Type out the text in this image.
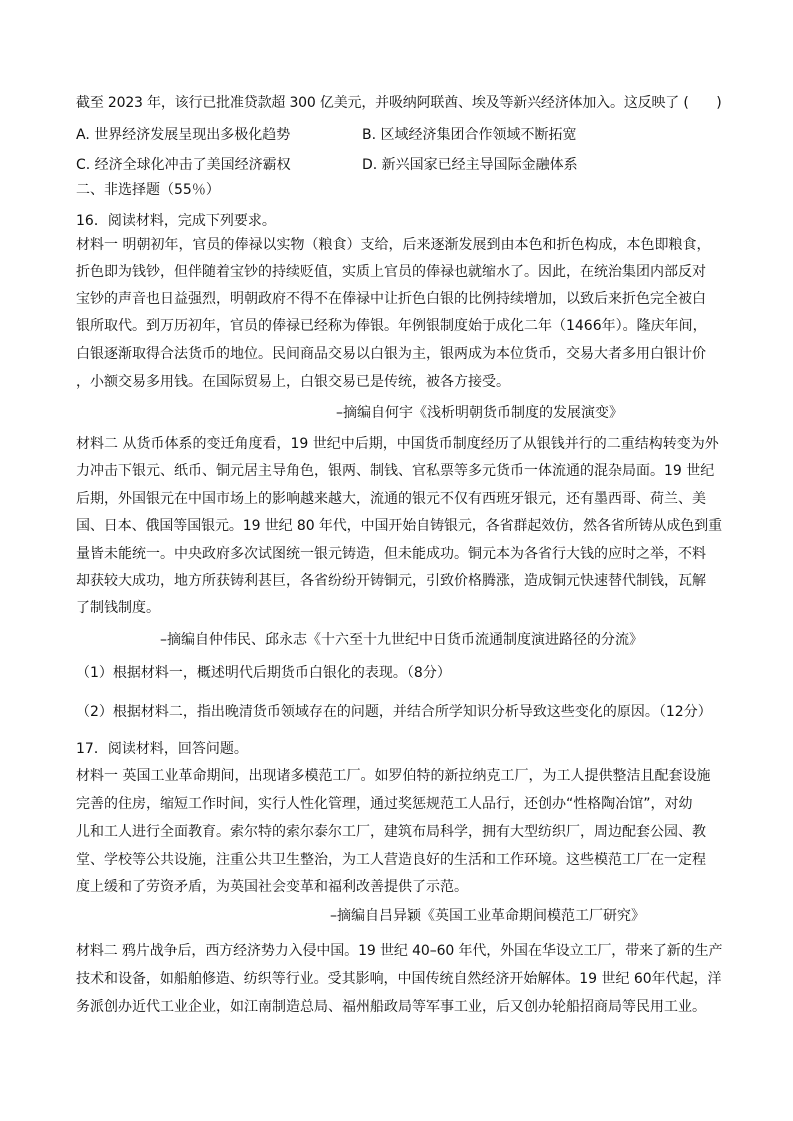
截至 2023 年，该行已批准贷款超 300 亿美元，并吸纳阿联酋、埃及等新兴经济体加入。这反映了 (　　)
A. 世界经济发展呈现出多极化趋势	B. 区域经济集团合作领域不断拓宽
C. 经济全球化冲击了美国经济霸权	D. 新兴国家已经主导国际金融体系
二、非选择题（55％）
16．阅读材料，完成下列要求。
材料一 明朝初年，官员的俸禄以实物（粮食）支给，后来逐渐发展到由本色和折色构成，本色即粮食，
折色即为钱钞，但伴随着宝钞的持续贬值，实质上官员的俸禄也就缩水了。因此，在统治集团内部反对
宝钞的声音也日益强烈，明朝政府不得不在俸禄中让折色白银的比例持续增加，以致后来折色完全被白
银所取代。到万历初年，官员的俸禄已经称为俸银。年例银制度始于成化二年（1466年）。隆庆年间，
白银逐渐取得合法货币的地位。民间商品交易以白银为主，银两成为本位货币，交易大者多用白银计价
，小额交易多用钱。在国际贸易上，白银交易已是传统，被各方接受。
–摘编自何宇《浅析明朝货币制度的发展演变》
材料二 从货币体系的变迁角度看，19 世纪中后期，中国货币制度经历了从银钱并行的二重结构转变为外
力冲击下银元、纸币、铜元居主导角色，银两、制钱、官私票等多元货币一体流通的混杂局面。19 世纪
后期，外国银元在中国市场上的影响越来越大，流通的银元不仅有西班牙银元，还有墨西哥、荷兰、美
国、日本、俄国等国银元。19 世纪 80 年代，中国开始自铸银元，各省群起效仿，然各省所铸从成色到重
量皆未能统一。中央政府多次试图统一银元铸造，但未能成功。铜元本为各省行大钱的应时之举，不料
却获较大成功，地方所获铸利甚巨，各省纷纷开铸铜元，引致价格腾涨，造成铜元快速替代制钱，瓦解
了制钱制度。
–摘编自仲伟民、邱永志《十六至十九世纪中日货币流通制度演进路径的分流》
（1）根据材料一，概述明代后期货币白银化的表现。（8分）
（2）根据材料二，指出晚清货币领域存在的问题，并结合所学知识分析导致这些变化的原因。（12分）
17．阅读材料，回答问题。
材料一 英国工业革命期间，出现诸多模范工厂。如罗伯特的新拉纳克工厂，为工人提供整洁且配套设施
完善的住房，缩短工作时间，实行人性化管理，通过奖惩规范工人品行，还创办“性格陶冶馆”，对幼
儿和工人进行全面教育。索尔特的索尔泰尔工厂，建筑布局科学，拥有大型纺织厂，周边配套公园、教
堂、学校等公共设施，注重公共卫生整治，为工人营造良好的生活和工作环境。这些模范工厂在一定程
度上缓和了劳资矛盾，为英国社会变革和福利改善提供了示范。
–摘编自吕异颖《英国工业革命期间模范工厂研究》
材料二 鸦片战争后，西方经济势力入侵中国。19 世纪 40–60 年代，外国在华设立工厂，带来了新的生产
技术和设备，如船舶修造、纺织等行业。受其影响，中国传统自然经济开始解体。19 世纪 60年代起，洋
务派创办近代工业企业，如江南制造总局、福州船政局等军事工业，后又创办轮船招商局等民用工业。
